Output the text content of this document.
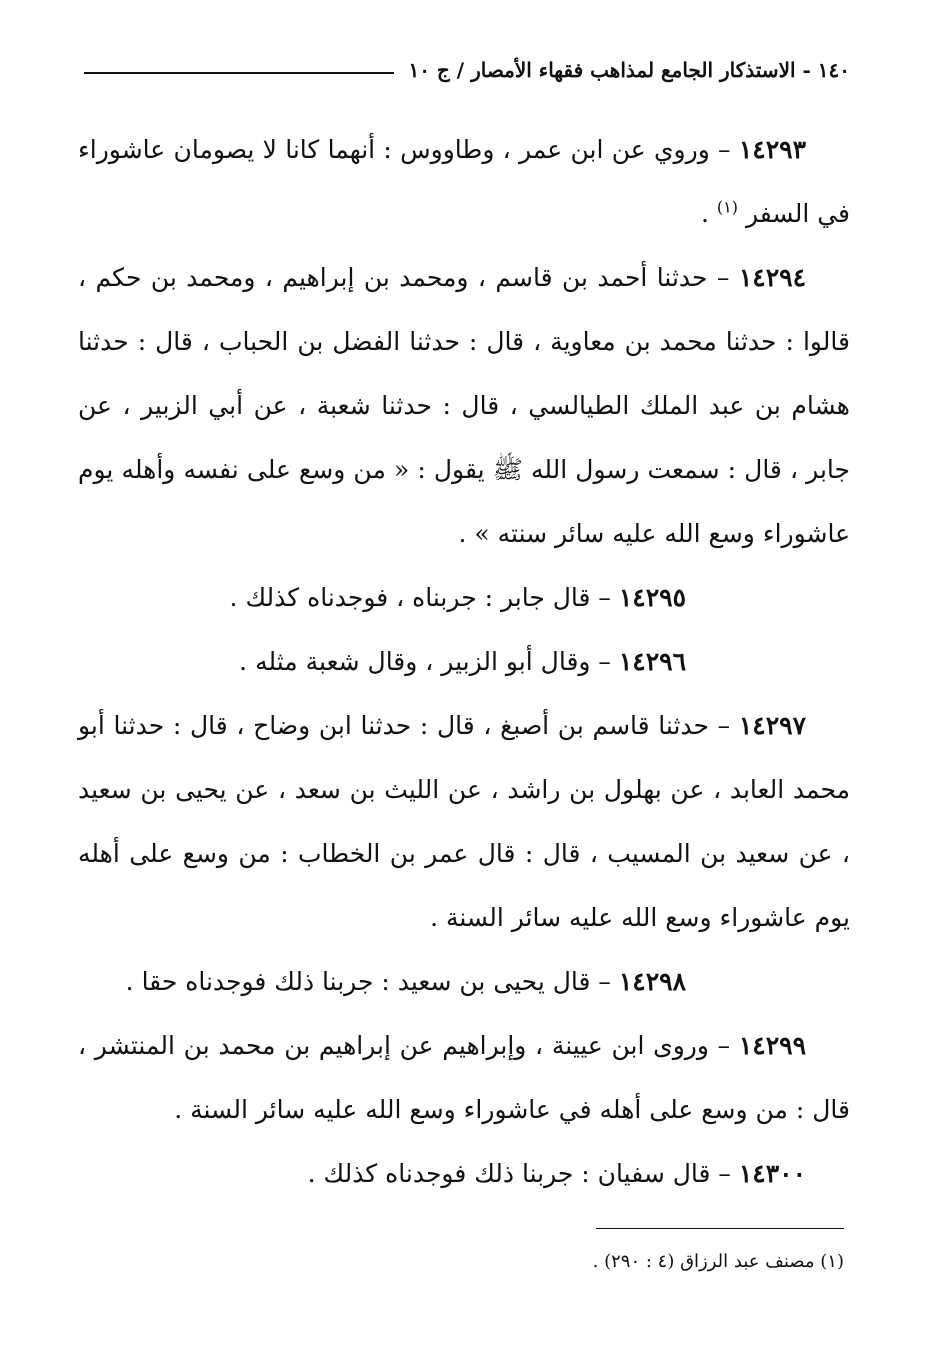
١٤٠ - الاستذكار الجامع لمذاهب فقهاء الأمصار / ج ١٠

١٤٢٩٣ – وروي عن ابن عمر ، وطاووس : أنهما كانا لا يصومان عاشوراء في السفر $^{(١)}$ .

١٤٢٩٤ – حدثنا أحمد بن قاسم ، ومحمد بن إبراهيم ، ومحمد بن حكم ، قالوا : حدثنا محمد بن معاوية ، قال : حدثنا الفضل بن الحباب ، قال : حدثنا هشام بن عبد الملك الطيالسي ، قال : حدثنا شعبة ، عن أبي الزبير ، عن جابر ، قال : سمعت رسول الله ﷺ يقول : « من وسع على نفسه وأهله يوم عاشوراء وسع الله عليه سائر سنته » .

١٤٢٩٥ – قال جابر : جربناه ، فوجدناه كذلك .

١٤٢٩٦ – وقال أبو الزبير ، وقال شعبة مثله .

١٤٢٩٧ – حدثنا قاسم بن أصبغ ، قال : حدثنا ابن وضاح ، قال : حدثنا أبو محمد العابد ، عن بهلول بن راشد ، عن الليث بن سعد ، عن يحيى بن سعيد ، عن سعيد بن المسيب ، قال : قال عمر بن الخطاب : من وسع على أهله يوم عاشوراء وسع الله عليه سائر السنة .

١٤٢٩٨ – قال يحيى بن سعيد : جربنا ذلك فوجدناه حقا .

١٤٢٩٩ – وروى ابن عيينة ، وإبراهيم عن إبراهيم بن محمد بن المنتشر ، قال : من وسع على أهله في عاشوراء وسع الله عليه سائر السنة .

١٤٣٠٠ – قال سفيان : جربنا ذلك فوجدناه كذلك .

(١) مصنف عبد الرزاق (٤ : ٢٩٠) .
